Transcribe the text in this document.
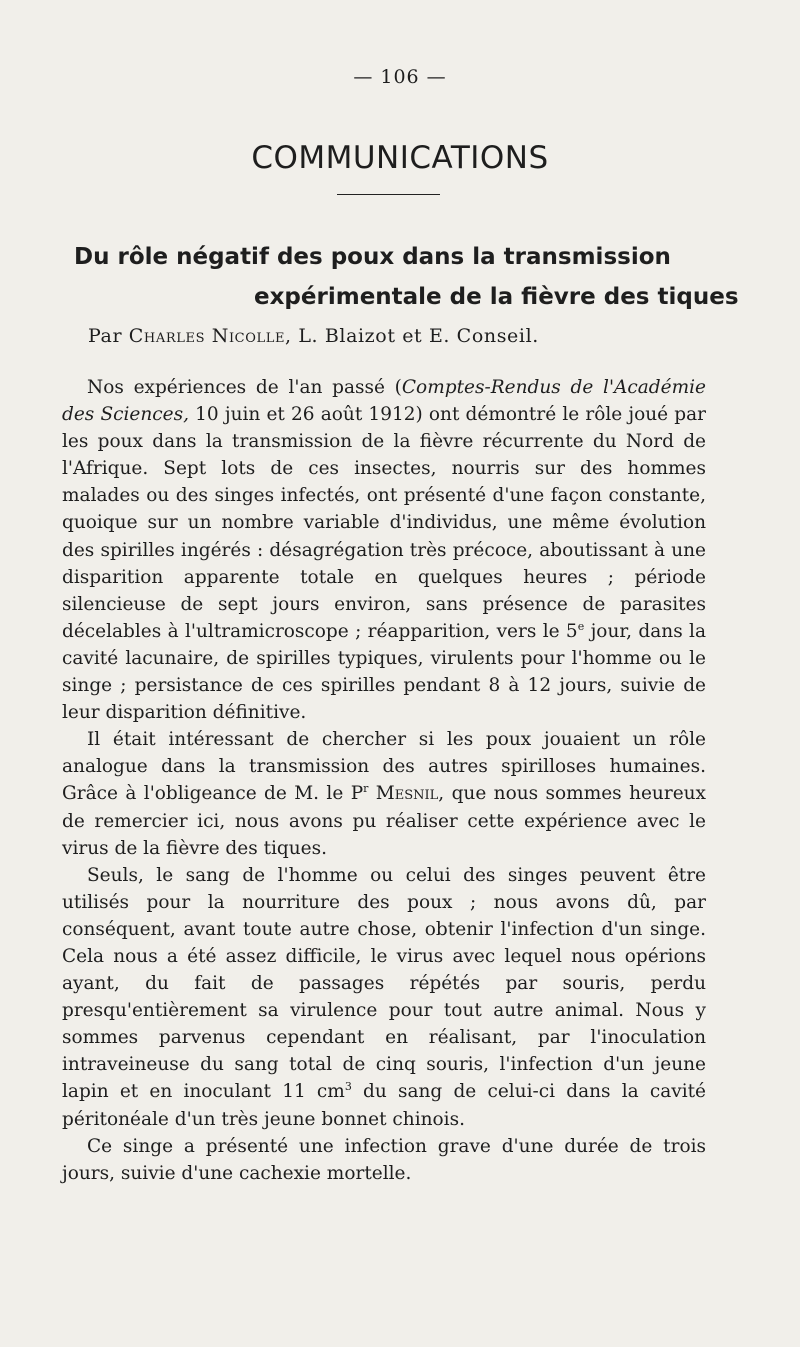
— 106 —
COMMUNICATIONS
Du rôle négatif des poux dans la transmission
expérimentale de la fièvre des tiques
Par Charles Nicolle, L. Blaizot et E. Conseil.

Nos expériences de l'an passé (Comptes-Rendus de l'Académie des Sciences, 10 juin et 26 août 1912) ont démontré le rôle joué par les poux dans la transmission de la fièvre récurrente du Nord de l'Afrique. Sept lots de ces insectes, nourris sur des hommes malades ou des singes infectés, ont présenté d'une façon constante, quoique sur un nombre variable d'individus, une même évolution des spirilles ingérés : désagrégation très précoce, aboutissant à une disparition apparente totale en quelques heures ; période silencieuse de sept jours environ, sans présence de parasites décelables à l'ultramicroscope ; réapparition, vers le 5e jour, dans la cavité lacunaire, de spirilles typiques, virulents pour l'homme ou le singe ; persistance de ces spirilles pendant 8 à 12 jours, suivie de leur disparition définitive.

Il était intéressant de chercher si les poux jouaient un rôle analogue dans la transmission des autres spirilloses humaines. Grâce à l'obligeance de M. le $P^r$ Mesnil, que nous sommes heureux de remercier ici, nous avons pu réaliser cette expérience avec le virus de la fièvre des tiques.

Seuls, le sang de l'homme ou celui des singes peuvent être utilisés pour la nourriture des poux ; nous avons dû, par conséquent, avant toute autre chose, obtenir l'infection d'un singe. Cela nous a été assez difficile, le virus avec lequel nous opérions ayant, du fait de passages répétés par souris, perdu presqu'entièrement sa virulence pour tout autre animal. Nous y sommes parvenus cependant en réalisant, par l'inoculation intraveineuse du sang total de cinq souris, l'infection d'un jeune lapin et en inoculant 11 $cm^3$ du sang de celui-ci dans la cavité péritonéale d'un très jeune bonnet chinois.

Ce singe a présenté une infection grave d'une durée de trois jours, suivie d'une cachexie mortelle.
